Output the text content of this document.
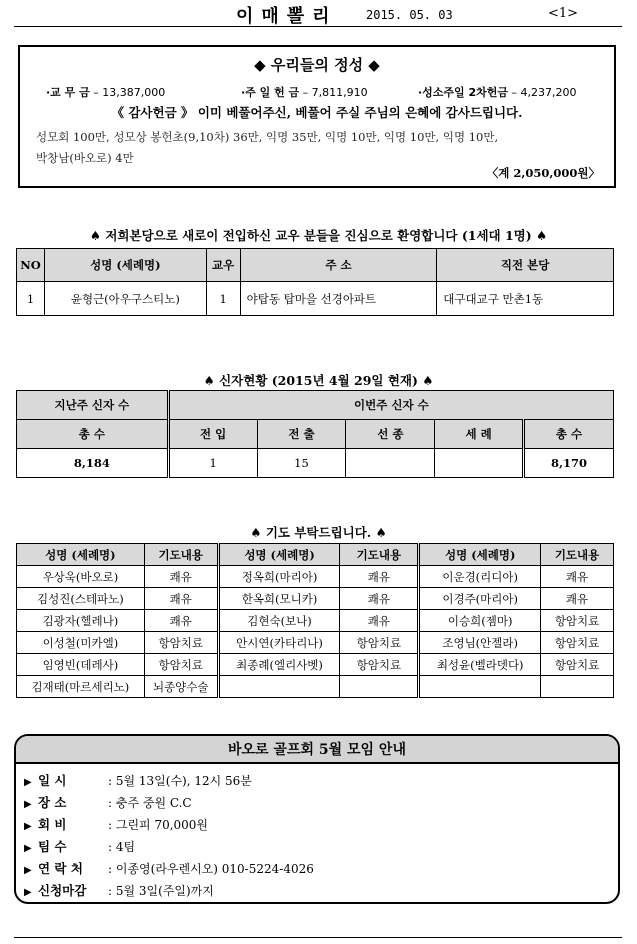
이매뽈리 2015. 05. 03	<1>
◆ 우리들의 정성 ◆
·교 무 금 – 13,387,000	·주 일 헌 금 – 7,811,910	·성소주일 2차헌금 – 4,237,200
《 감사헌금 》 이미 베풀어주신, 베풀어 주실 주님의 은혜에 감사드립니다.
성모회 100만, 성모상 봉헌초(9,10차) 36만, 익명 35만, 익명 10만, 익명 10만, 익명 10만,
박창남(바오로) 4만
〈계 2,050,000원〉
♠ 저희본당으로 새로이 전입하신 교우 분들을 진심으로 환영합니다 (1세대 1명) ♠
NO	성명 (세례명)	교우	주 소	직전 본당
1	윤형근(아우구스티노)	1	야탑동 탑마을 선경아파트	대구대교구 만촌1동
♠ 신자현황 (2015년 4월 29일 현재) ♠
지난주 신자 수	이번주 신자 수				
총 수	전 입	전 출	선 종	세 례	총 수
8,184	1	15			8,170
♠ 기도 부탁드립니다. ♠
성명 (세례명)	기도내용	성명 (세례명)	기도내용	성명 (세례명)	기도내용
우상욱(바오로)	쾌유	정옥희(마리아)	쾌유	이운경(리디아)	쾌유
김성진(스테파노)	쾌유	한옥희(모니카)	쾌유	이경주(마리아)	쾌유
김광자(헬레나)	쾌유	김현숙(보나)	쾌유	이승희(젬마)	항암치료
이성철(미카엘)	항암치료	안시연(카타리나)	항암치료	조영님(안젤라)	항암치료
임영빈(데레사)	항암치료	최종례(엘리사벳)	항암치료	최성윤(벨라뎃다)	항암치료
김재태(마르세리노)	뇌종양수술				
바오로 골프회 5월 모임 안내
▶ 일 시	: 5월 13일(수), 12시 56분
▶ 장 소	: 충주 중원 C.C
▶ 회 비	: 그린피 70,000원
▶ 팀 수	: 4팀
▶ 연 락 처 : 이종영(라우렌시오) 010-5224-4026
▶ 신청마감 : 5월 3일(주일)까지
